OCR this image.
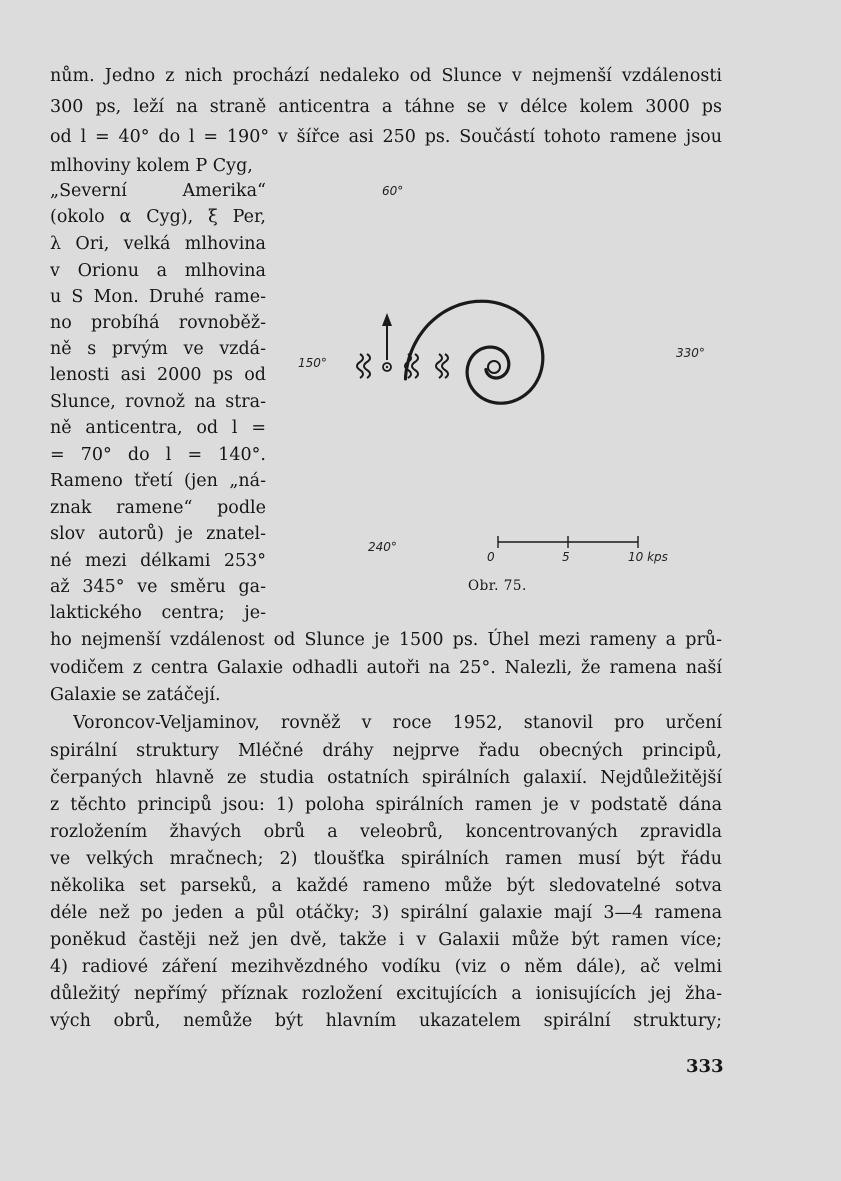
nům. Jedno z nich prochází nedaleko od Slunce v nejmenší vzdálenosti
300 ps, leží na straně anticentra a táhne se v délce kolem 3000 ps
od l = 40° do l = 190° v šířce asi 250 ps. Součástí tohoto ramene jsou
mlhoviny kolem P Cyg,
„Severní Amerika“
(okolo α Cyg), ξ Per,
λ Ori, velká mlhovina
v Orionu a mlhovina
u S Mon. Druhé rame-
no probíhá rovnoběž-
ně s prvým ve vzdá-
lenosti asi 2000 ps od
Slunce, rovnož na stra-
ně anticentra, od l =
= 70° do l = 140°.
Rameno třetí (jen „ná-
znak ramene“ podle
slov autorů) je znatel-
né mezi délkami 253°
až 345° ve směru ga-
laktického centra; je-
60°
150°
330°
240°
0	5	10 kps
Obr. 75.
ho nejmenší vzdálenost od Slunce je 1500 ps. Úhel mezi rameny a prů-
vodičem z centra Galaxie odhadli autoři na 25°. Nalezli, že ramena naší
Galaxie se zatáčejí.
Voroncov-Veljaminov, rovněž v roce 1952, stanovil pro určení
spirální struktury Mléčné dráhy nejprve řadu obecných principů,
čerpaných hlavně ze studia ostatních spirálních galaxií. Nejdůležitější
z těchto principů jsou: 1) poloha spirálních ramen je v podstatě dána
rozložením žhavých obrů a veleobrů, koncentrovaných zpravidla
ve velkých mračnech; 2) tloušťka spirálních ramen musí být řádu
několika set parseků, a každé rameno může být sledovatelné sotva
déle než po jeden a půl otáčky; 3) spirální galaxie mají 3—4 ramena
poněkud častěji než jen dvě, takže i v Galaxii může být ramen více;
4) radiové záření mezihvězdného vodíku (viz o něm dále), ač velmi
důležitý nepřímý příznak rozložení excitujících a ionisujících jej žha-
vých obrů, nemůže být hlavním ukazatelem spirální struktury;
333
